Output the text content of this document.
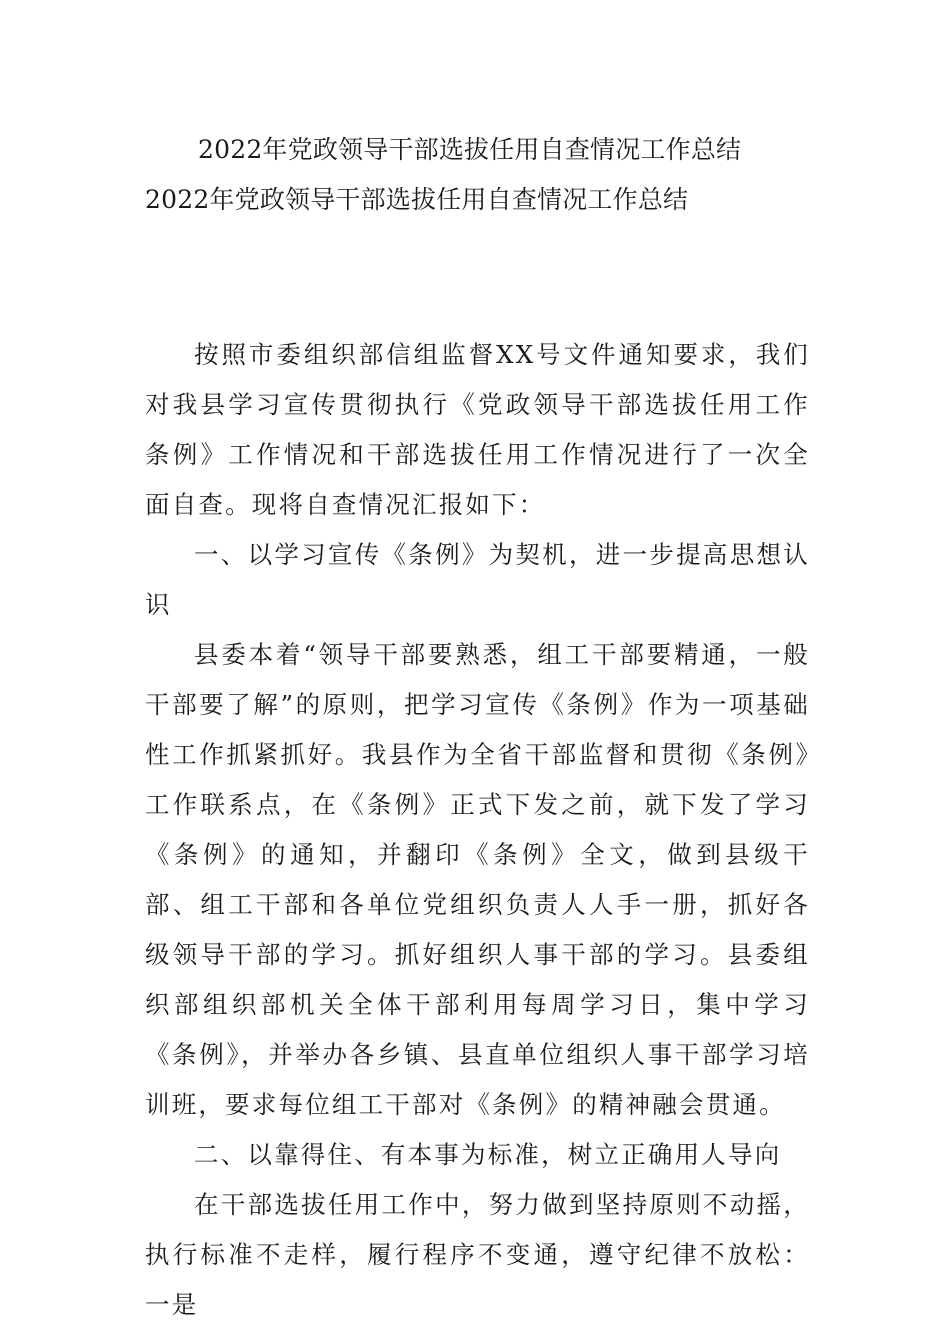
2022年党政领导干部选拔任用自查情况工作总结
2022年党政领导干部选拔任用自查情况工作总结

按照市委组织部信组监督XX号文件通知要求，我们对我县学习宣传贯彻执行《党政领导干部选拔任用工作条例》工作情况和干部选拔任用工作情况进行了一次全面自查。现将自查情况汇报如下：

一、以学习宣传《条例》为契机，进一步提高思想认识

县委本着“领导干部要熟悉，组工干部要精通，一般干部要了解”的原则，把学习宣传《条例》作为一项基础性工作抓紧抓好。我县作为全省干部监督和贯彻《条例》工作联系点，在《条例》正式下发之前，就下发了学习《条例》的通知，并翻印《条例》全文，做到县级干部、组工干部和各单位党组织负责人人手一册，抓好各级领导干部的学习。抓好组织人事干部的学习。县委组织部组织部机关全体干部利用每周学习日，集中学习《条例》，并举办各乡镇、县直单位组织人事干部学习培训班，要求每位组工干部对《条例》的精神融会贯通。

二、以靠得住、有本事为标准，树立正确用人导向

在干部选拔任用工作中，努力做到坚持原则不动摇，执行标准不走样，履行程序不变通，遵守纪律不放松：一是
